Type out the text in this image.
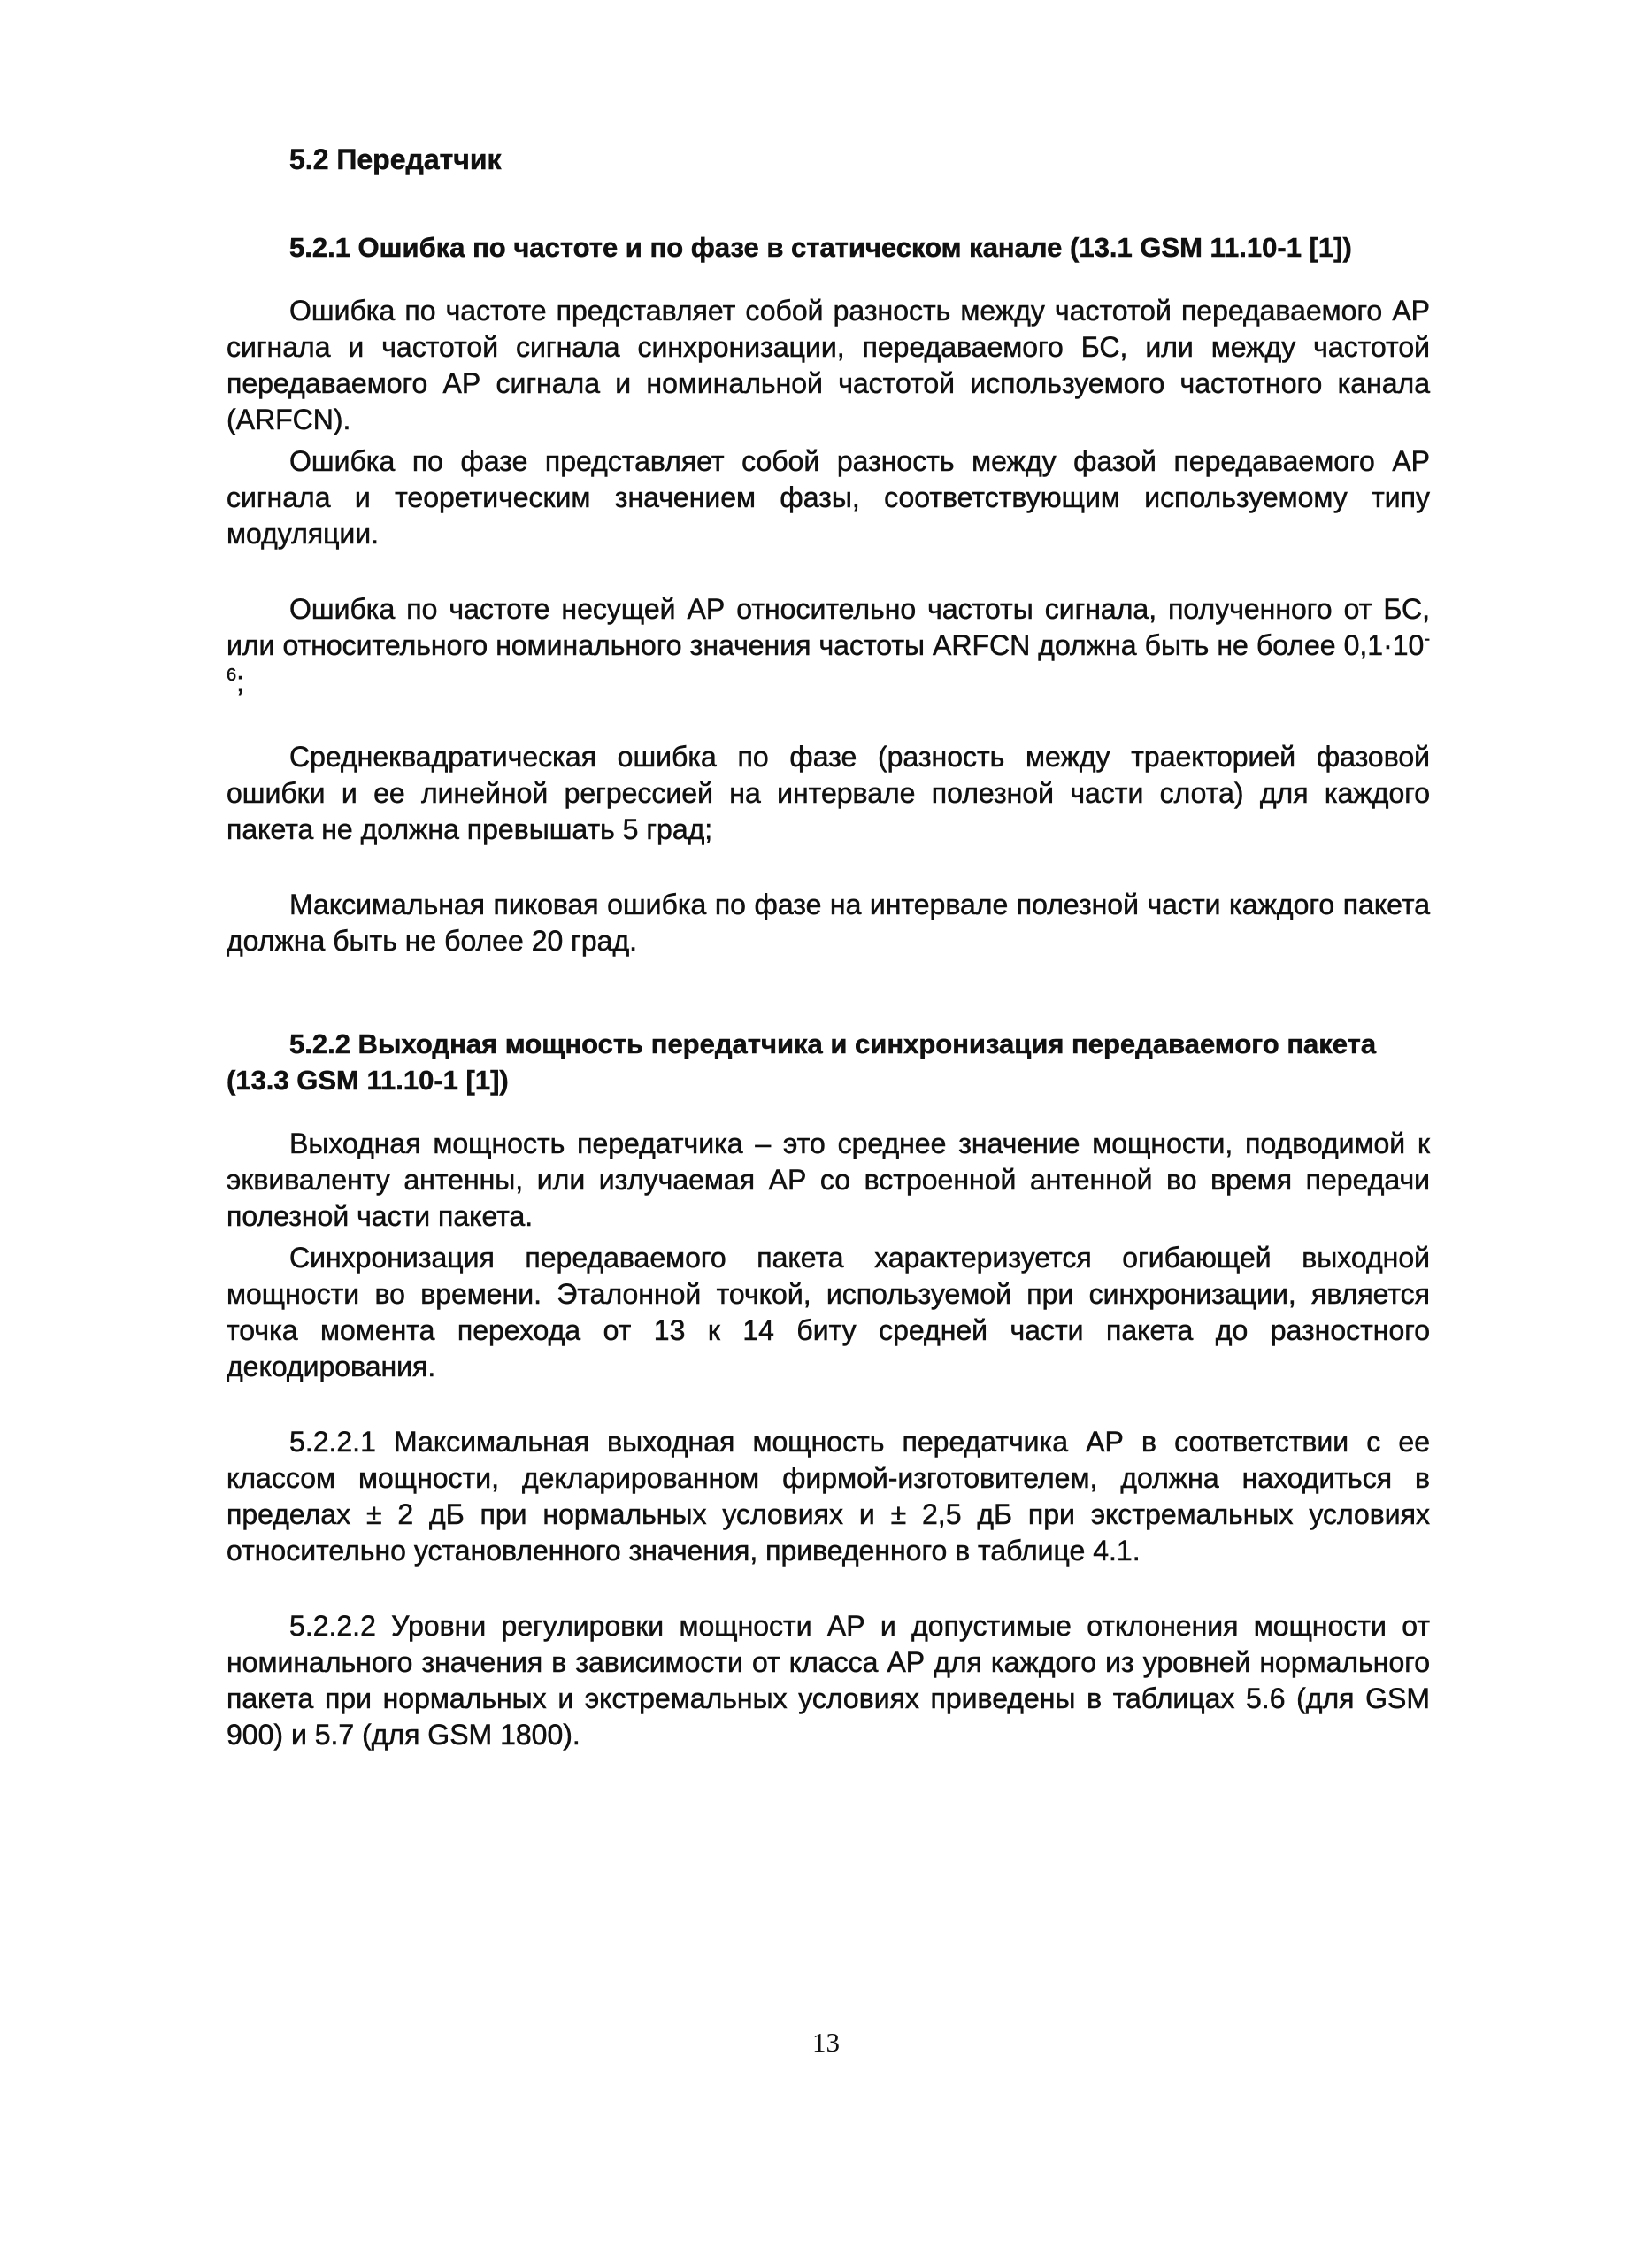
5.2 Передатчик
5.2.1 Ошибка по частоте и по фазе в статическом канале (13.1 GSM 11.10-1 [1])

Ошибка по частоте представляет собой разность между частотой передаваемого АР сигнала и частотой сигнала синхронизации, передаваемого БС, или между частотой передаваемого АР сигнала и номинальной частотой используемого частотного канала (ARFCN).

Ошибка по фазе представляет собой разность между фазой передаваемого АР сигнала и теоретическим значением фазы, соответствующим используемому типу модуляции.

Ошибка по частоте несущей АР относительно частоты сигнала, полученного от БС, или относительного номинального значения частоты ARFCN должна быть не более $0,1\cdot 10^{-6}$;

Среднеквадратическая ошибка по фазе (разность между траекторией фазовой ошибки и ее линейной регрессией на интервале полезной части слота) для каждого пакета не должна превышать 5 град;

Максимальная пиковая ошибка по фазе на интервале полезной части каждого пакета должна быть не более 20 град.

5.2.2 Выходная мощность передатчика и синхронизация передаваемого пакета (13.3 GSM 11.10-1 [1])

Выходная мощность передатчика – это среднее значение мощности, подводимой к эквиваленту антенны, или излучаемая АР со встроенной антенной во время передачи полезной части пакета.

Синхронизация передаваемого пакета характеризуется огибающей выходной мощности во времени. Эталонной точкой, используемой при синхронизации, является точка момента перехода от 13 к 14 биту средней части пакета до разностного декодирования.

5.2.2.1 Максимальная выходная мощность передатчика АР в соответствии с ее классом мощности, декларированном фирмой-изготовителем, должна находиться в пределах ± 2 дБ при нормальных условиях и ± 2,5 дБ при экстремальных условиях относительно установленного значения, приведенного в таблице 4.1.

5.2.2.2 Уровни регулировки мощности АР и допустимые отклонения мощности от номинального значения в зависимости от класса АР для каждого из уровней нормального пакета при нормальных и экстремальных условиях приведены в таблицах 5.6 (для GSM 900) и 5.7 (для GSM 1800).

13
